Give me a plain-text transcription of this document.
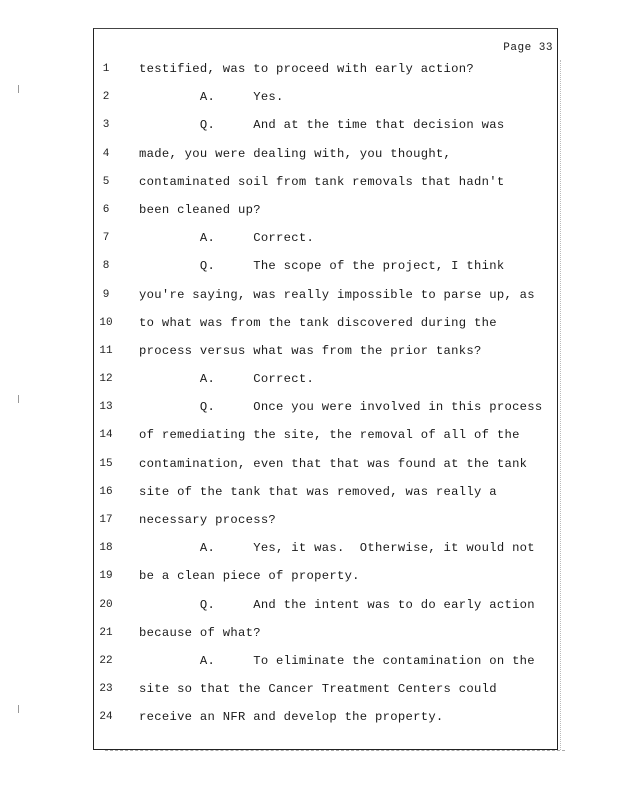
Page 33
1	testified, was to proceed with early action?
2	A.     Yes.
3	Q.     And at the time that decision was
4	made, you were dealing with, you thought,
5	contaminated soil from tank removals that hadn't
6	been cleaned up?
7	A.     Correct.
8	Q.     The scope of the project, I think
9	you're saying, was really impossible to parse up, as
10 to what was from the tank discovered during the
11 process versus what was from the prior tanks?
12 A.     Correct.
13 Q.     Once you were involved in this process
14 of remediating the site, the removal of all of the
15 contamination, even that that was found at the tank
16 site of the tank that was removed, was really a
17 necessary process?
18 A.     Yes, it was.  Otherwise, it would not
19 be a clean piece of property.
20 Q.     And the intent was to do early action
21 because of what?
22 A.     To eliminate the contamination on the
23 site so that the Cancer Treatment Centers could
24 receive an NFR and develop the property.
